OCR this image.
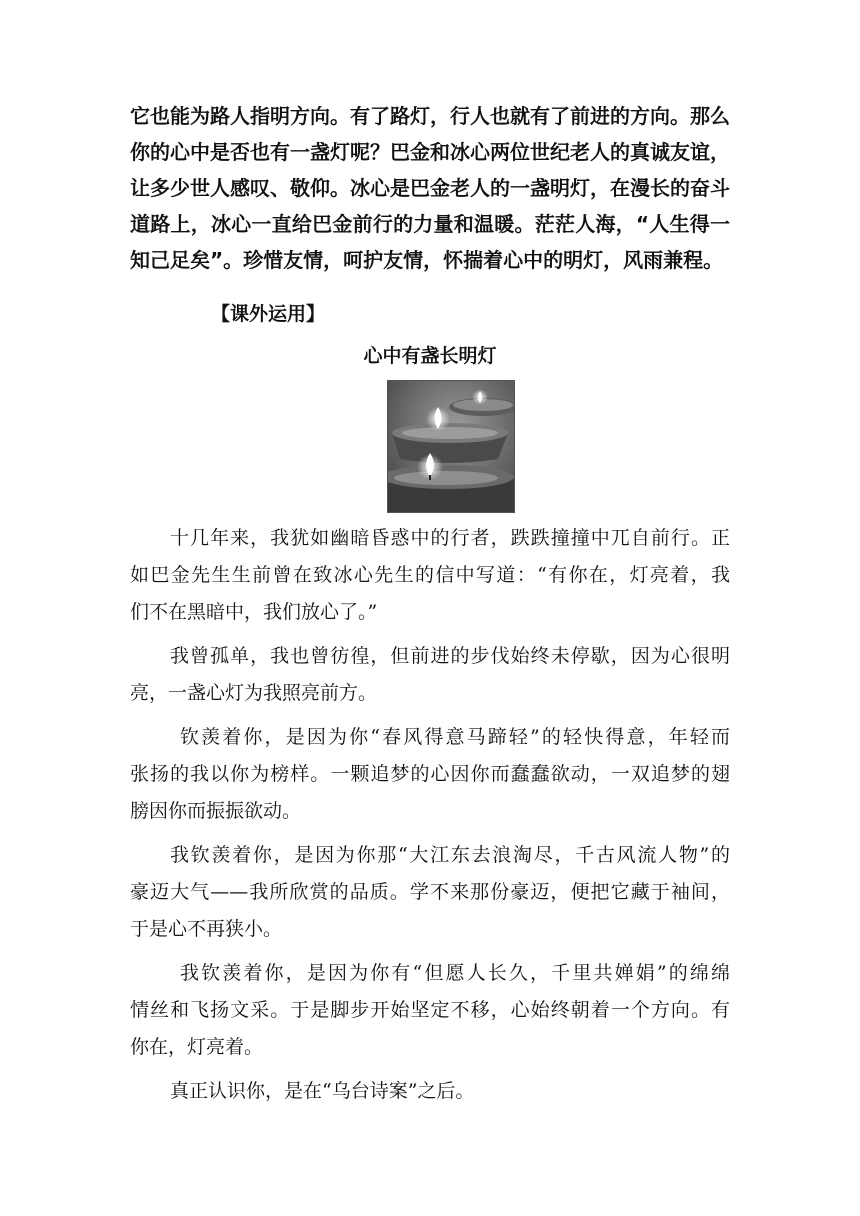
它也能为路人指明方向。有了路灯，行人也就有了前进的方向。那么
你的心中是否也有一盏灯呢？巴金和冰心两位世纪老人的真诚友谊，
让多少世人感叹、敬仰。冰心是巴金老人的一盏明灯，在漫长的奋斗
道路上，冰心一直给巴金前行的力量和温暖。茫茫人海，“人生得一
知己足矣”。珍惜友情，呵护友情，怀揣着心中的明灯，风雨兼程。
【课外运用】
心中有盏长明灯
十几年来，我犹如幽暗昏惑中的行者，跌跌撞撞中兀自前行。正
如巴金先生生前曾在致冰心先生的信中写道：“有你在，灯亮着，我
们不在黑暗中，我们放心了。”
我曾孤单，我也曾彷徨，但前进的步伐始终未停歇，因为心很明
亮，一盏心灯为我照亮前方。
钦羡着你，是因为你“春风得意马蹄轻”的轻快得意，年轻而
张扬的我以你为榜样。一颗追梦的心因你而蠢蠢欲动，一双追梦的翅
膀因你而振振欲动。
我钦羡着你，是因为你那“大江东去浪淘尽，千古风流人物”的
豪迈大气——我所欣赏的品质。学不来那份豪迈，便把它藏于袖间，
于是心不再狭小。
我钦羡着你，是因为你有“但愿人长久，千里共婵娟”的绵绵
情丝和飞扬文采。于是脚步开始坚定不移，心始终朝着一个方向。有
你在，灯亮着。
真正认识你，是在“乌台诗案”之后。
